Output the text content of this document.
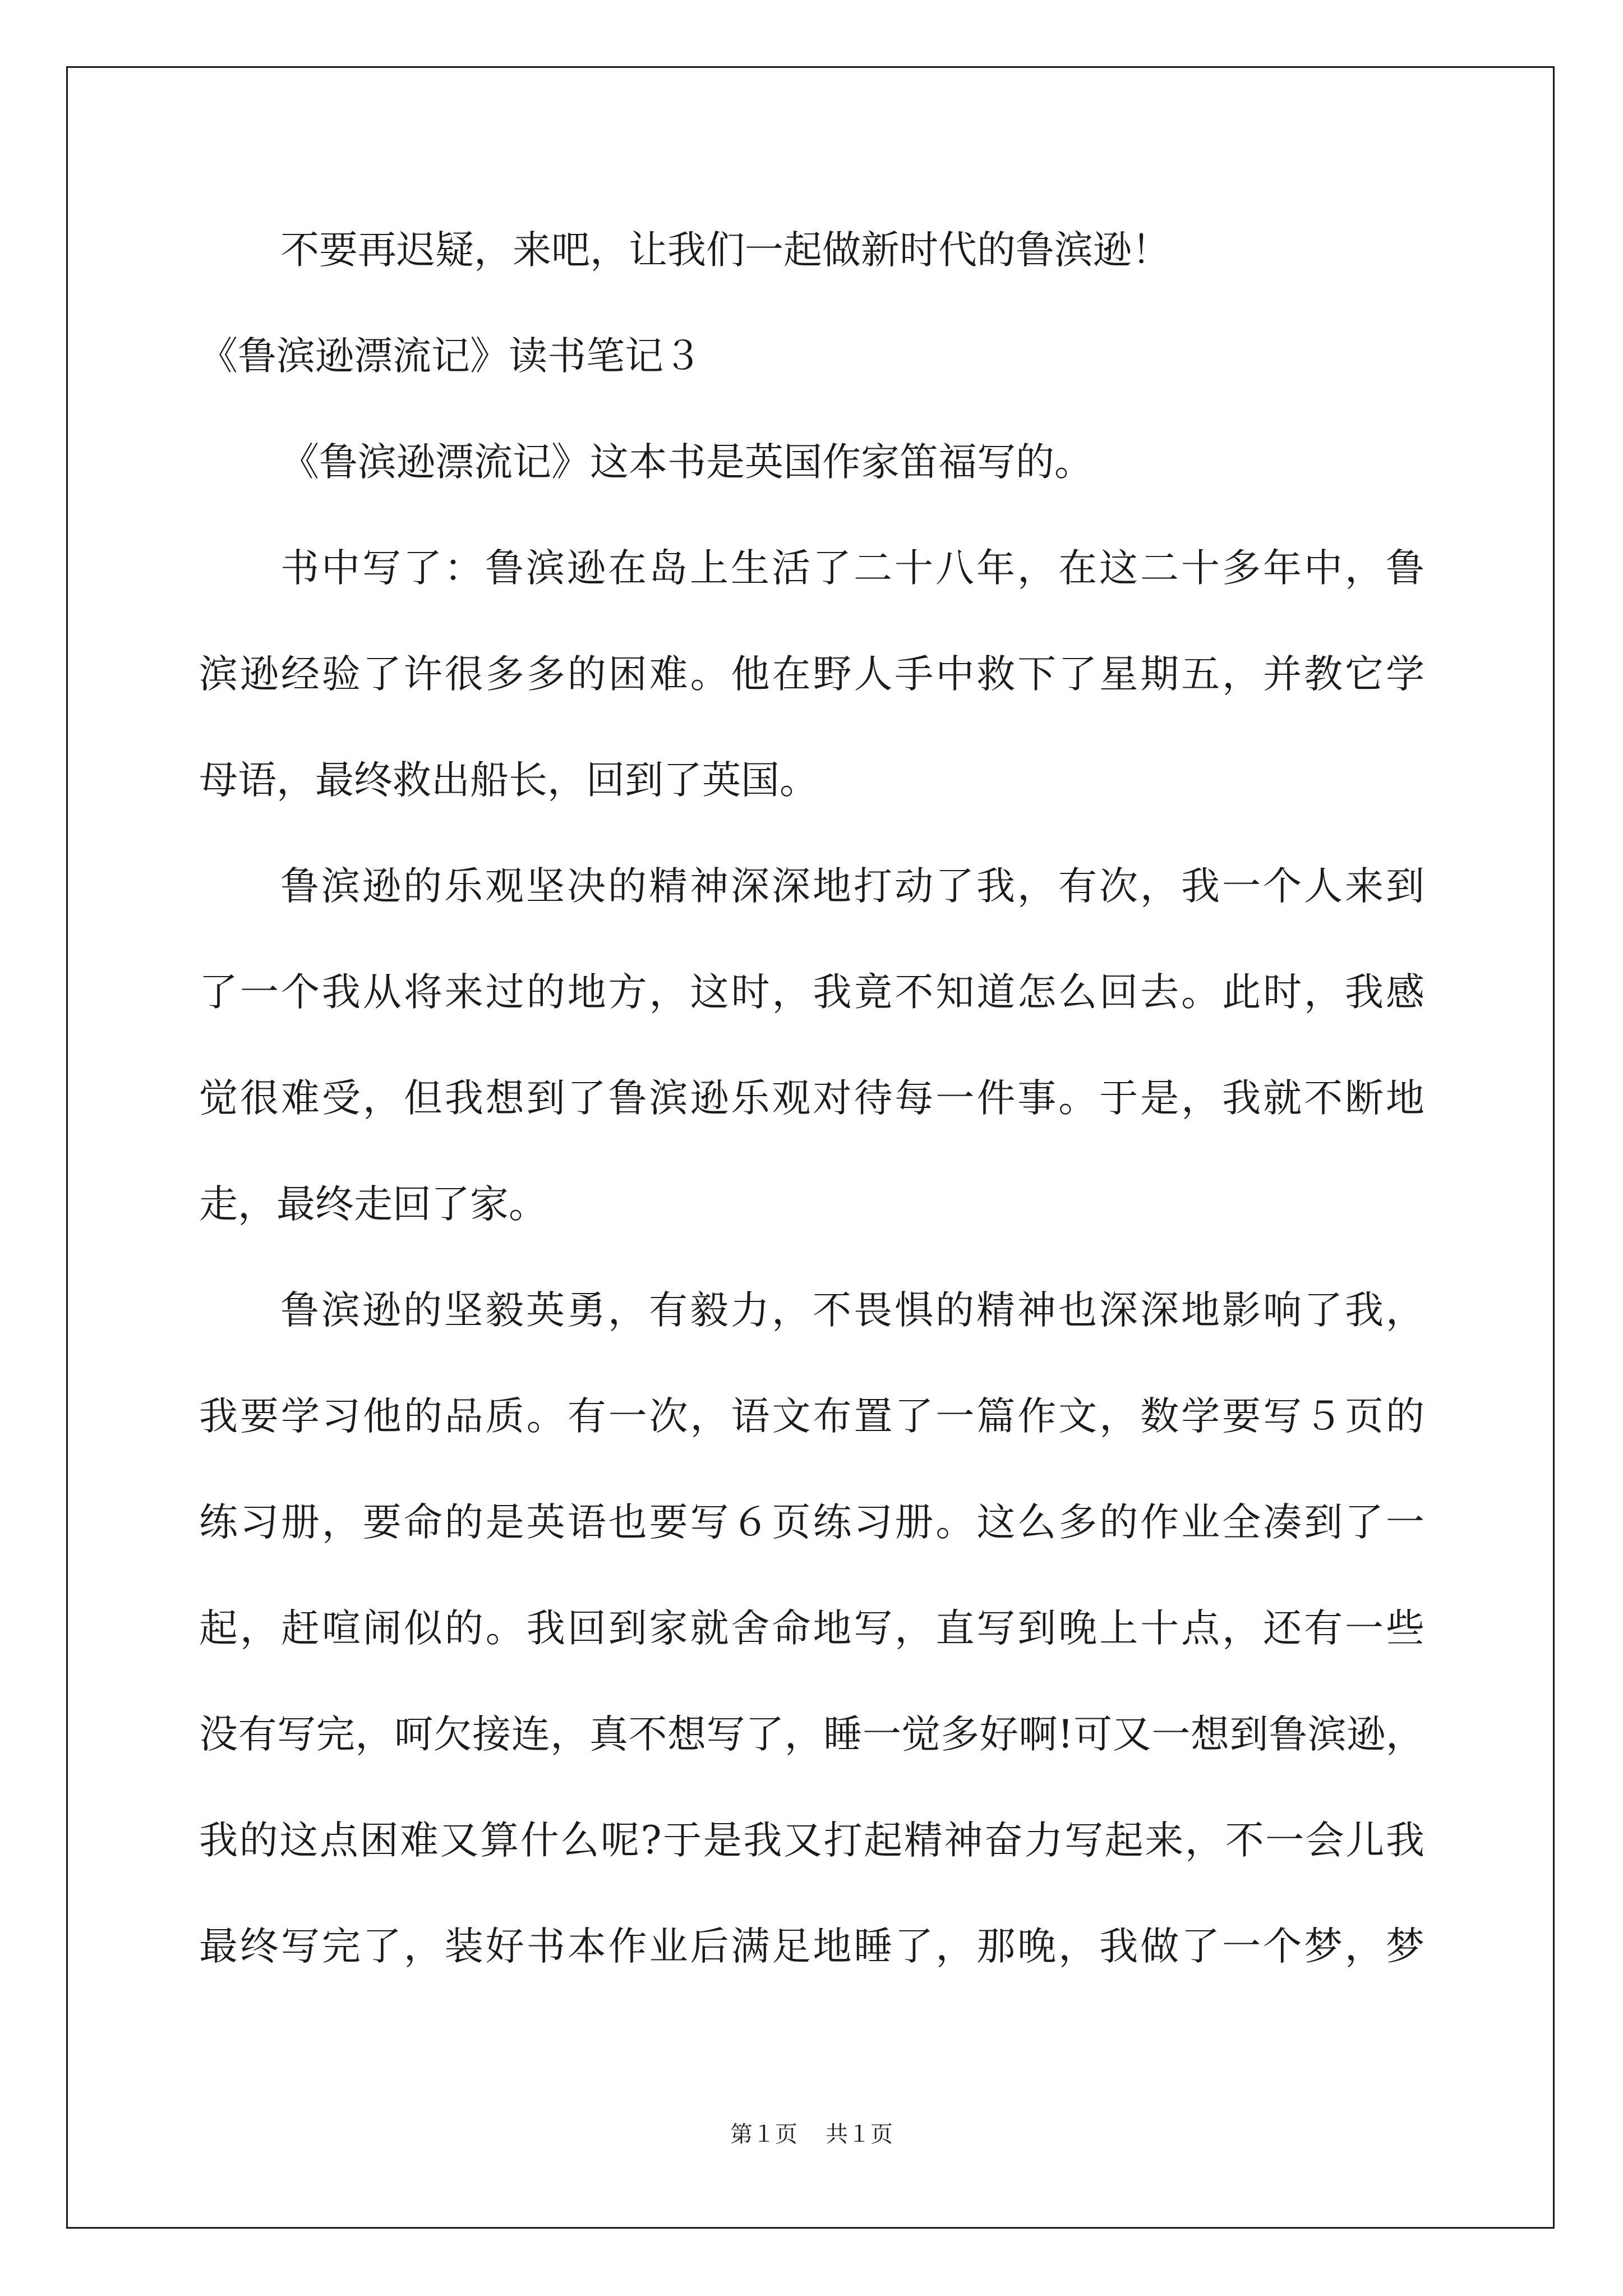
不要再迟疑，来吧，让我们一起做新时代的鲁滨逊！
《鲁滨逊漂流记》读书笔记３
《鲁滨逊漂流记》这本书是英国作家笛福写的。
书中写了：鲁滨逊在岛上生活了二十八年，在这二十多年中，鲁
滨逊经验了许很多多的困难。他在野人手中救下了星期五，并教它学
母语，最终救出船长，回到了英国。
鲁滨逊的乐观坚决的精神深深地打动了我，有次，我一个人来到
了一个我从将来过的地方，这时，我竟不知道怎么回去。此时，我感
觉很难受，但我想到了鲁滨逊乐观对待每一件事。于是，我就不断地
走，最终走回了家。
鲁滨逊的坚毅英勇，有毅力，不畏惧的精神也深深地影响了我，
我要学习他的品质。有一次，语文布置了一篇作文，数学要写５页的
练习册，要命的是英语也要写６页练习册。这么多的作业全凑到了一
起，赶喧闹似的。我回到家就舍命地写，直写到晚上十点，还有一些
没有写完，呵欠接连，真不想写了，睡一觉多好啊!可又一想到鲁滨逊，
我的这点困难又算什么呢?于是我又打起精神奋力写起来，不一会儿我
最终写完了，装好书本作业后满足地睡了，那晚，我做了一个梦，梦
第１页 共１页
